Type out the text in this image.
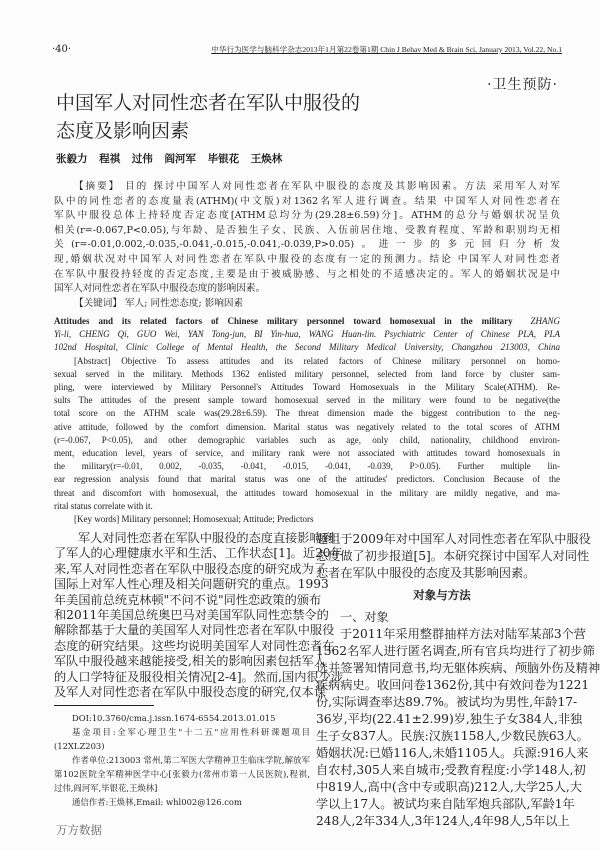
·40·	中华行为医学与脑科学杂志2013年1月第22卷第1期 Chin J Behav Med & Brain Sci, January 2013, Vol.22, No.1
·卫生预防·
中国军人对同性恋者在军队中服役的
态度及影响因素
张毅力 程祺 过伟 阎河军 毕银花 王焕林
【摘要】 目的 探讨中国军人对同性恋者在军队中服役的态度及其影响因素。方法 采用军人对军
队中的同性恋者的态度量表(ATHM)(中文版)对1362名军人进行调查。结果 中国军人对同性恋者在
军队中服役总体上持轻度否定态度[ATHM总均分为(29.28±6.59)分]。ATHM的总分与婚姻状况呈负
相关(r=-0.067,P<0.05),与年龄、是否独生子女、民族、入伍前居住地、受教育程度、军龄和职别均无相
关(r=-0.01,0.002,-0.035,-0.041,-0.015,-0.041,-0.039,P>0.05)。进一步的多元回归分析发
现,婚姻状况对中国军人对同性恋者在军队中服役的态度有一定的预测力。结论 中国军人对同性恋者
在军队中服役持轻度的否定态度,主要是由于被威胁感、与之相处的不适感决定的。军人的婚姻状况是中
国军人对同性恋者在军队中服役态度的影响因素。
【关键词】 军人; 同性恋态度; 影响因素
Attitudes and its related factors of Chinese military personnel toward homosexual in the military ZHANG
Yi-li, CHENG Qi, GUO Wei, YAN Tong-jun, BI Yin-hua, WANG Huan-lin. Psychiatric Center of Chinese PLA, PLA
102nd Hospital, Clinic College of Mental Health, the Second Military Medical University, Changzhou 213003, China
[Abstract] Objective To assess attitudes and its related factors of Chinese military personnel on homo-
sexual served in the military. Methods 1362 enlisted military personnel, selected from land force by cluster sam-
pling, were interviewed by Military Personnel's Attitudes Toward Homosexuals in the Military Scale(ATHM). Re-
sults The attitudes of the present sample toward homosexual served in the military were found to be negative(the
total score on the ATHM scale was(29.28±6.59). The threat dimension made the biggest contribution to the neg-
ative attitude, followed by the comfort dimension. Marital status was negatively related to the total scores of ATHM
(r=-0.067, P<0.05), and other demographic variables such as age, only child, nationality, childhood environ-
ment, education level, years of service, and military rank were not associated with attitudes toward homosexuals in
the military(r=-0.01, 0.002, -0.035, -0.041, -0.015, -0.041, -0.039, P>0.05). Further multiple lin-
ear regression analysis found that marital status was one of the attitudes' predictors. Conclusion Because of the
threat and discomfort with homosexual, the attitudes toward homosexual in the military are mildly negative, and ma-
rital status correlate with it.
[Key words] Military personnel; Homosexual; Attitude; Predictors
军人对同性恋者在军队中服役的态度直接影响到
了军人的心理健康水平和生活、工作状态[1]。近20年
来,军人对同性恋者在军队中服役态度的研究成为了
国际上对军人性心理及相关问题研究的重点。1993
年美国前总统克林顿"不问不说"同性恋政策的颁布
和2011年美国总统奥巴马对美国军队同性恋禁令的
解除都基于大量的美国军人对同性恋者在军队中服役
态度的研究结果。这些均说明美国军人对同性恋者在
军队中服役越来越能接受,相关的影响因素包括军人
的人口学特征及服役相关情况[2-4]。然而,国内很少涉
及军人对同性恋者在军队中服役态度的研究,仅本课
DOI:10.3760/cma.j.issn.1674-6554.2013.01.015
基金项目:全军心理卫生"十二五"应用性科研课题项目
(12XLZ203)
作者单位:213003 常州,第二军医大学精神卫生临床学院,解放军
第102医院全军精神医学中心[张毅力(常州市第一人民医院),程祺,
过伟,阎河军,毕银花,王焕林]
通信作者:王焕林,Email: whl002@126.com
题组于2009年对中国军人对同性恋者在军队中服役
态度做了初步报道[5]。本研究探讨中国军人对同性
恋者在军队中服役的态度及其影响因素。
对象与方法
一、对象
于2011年采用整群抽样方法对陆军某部3个营
1362名军人进行匿名调查,所有官兵均进行了初步筛
选并签署知情同意书,均无躯体疾病、颅脑外伤及精神
疾病病史。收回问卷1362份,其中有效问卷为1221
份,实际调查率达89.7%。被试均为男性,年龄17-
36岁,平均(22.41±2.99)岁,独生子女384人,非独
生子女837人。民族:汉族1158人,少数民族63人。
婚姻状况:已婚116人,未婚1105人。兵源:916人来
自农村,305人来自城市;受教育程度:小学148人,初
中819人,高中(含中专或职高)212人,大学25人,大
学以上17人。被试均来自陆军炮兵部队,军龄1年
248人,2年334人,3年124人,4年98人,5年以上
万方数据
